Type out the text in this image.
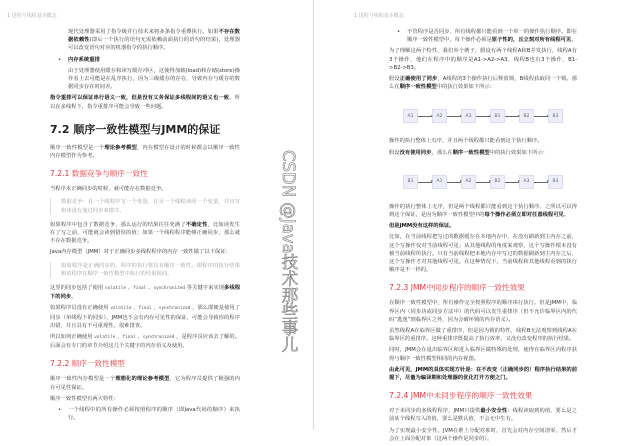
1 进程与线程基本概念
现代处理器采用了指令级并行技术来将多条指令重叠执行。如果不存在数据依赖性(即后一个执行的语句无需依赖前面执行的语句的结果)，处理器可以改变语句对应的机器指令的执行顺序。
• 内存系统重排
由于处理器使用缓存和读写缓存冲区，这使得加载(load)和存储(store)操作看上去可能是在乱序执行，因为三级缓存的存在，导致内存与缓存的数据同步存在时间差。
指令重排可以保证串行语义一致，但是没有义务保证多线程间的语义也一致。所以在多线程下，指令重排序可能会导致一些问题。
7.2 顺序一致性模型与JMM的保证
顺序一致性模型是一个理论参考模型，内存模型在设计的时候都会以顺序一致性内存模型作为参考。
7.2.1 数据竞争与顺序一致性
当程序未正确同步的时候，就可能存在数据竞争。
数据竞争：在一个线程中写一个变量，在另一个线程读同一个变量，并且写和读没有通过同步来排序。
如果程序中包含了数据竞争，那么运行的结果往往充满了不确定性，比如读发生在了写之前，可能就会读到错误的值；如果一个线程程序能够正确同步，那么就不存在数据竞争。
Java内存模型（JMM）对于正确同步多线程程序的内存一致性做了以下保证：
如果程序是正确同步的，程序的执行将具有顺序一致性。即程序的执行结果和该程序在顺序一致性模型中执行的结果相同。
这里的同步包括了使用 volatile 、final 、synchronized 等关键字来实现多线程下的同步。
如果程序员没有正确使用 volatile 、final 、synchronized ，那么即便是使用了同步（单线程下的同步），JMM也不会有内存可见性的保证，可能会导致你的程序出错，并且具有不可重现性，很难排查。
所以如何正确使用 volatile 、final 、synchronized ，是程序员应该去了解的。后面会有专门的章节介绍这几个关键字的内存语义及使用。
7.2.2 顺序一致性模型
顺序一致性内存模型是一个理想化的理论参考模型，它为程序员提供了极强的内存可见性保证。
顺序一致性模型有两大特性：
• 一个线程中的所有操作必须按照程序的顺序（即Java代码的顺序）来执行。
1 进程与线程基本概念
• 不管程序是否同步，所有线程都只能看到一个单一的操作执行顺序。即在顺序一致性模型中，每个操作必须是原子性的，且立刻对所有线程可见。
为了理解这两个特性，我们举个例子，假设有两个线程A和B并发执行，线程A有3个操作，他们在程序中的顺序是A1->A2->A3，线程B也有3个操作，B1->B2->B3。
假设正确使用了同步，A线程的3个操作执行后释放锁，B线程获取同一个锁。那么在顺序一致性模型中的执行效果如下所示：
A1	A2	A3	B1	B2	B3
操作的执行整体上有序，并且两个线程都只能看到这个执行顺序。
假设没有使用同步，那么在顺序一致性模型中的执行效果如下所示：
B1	A1	A2	B2	A3	B3
操作的执行整体上无序，但是两个线程都只能看到这个执行顺序。之所以可以得到这个保证，是因为顺序一致性模型中的每个操作必须立即对任意线程可见。
但是JMM没有这样的保证。
比如，在当前线程把写过的数据缓存在本地内存中，在没有刷新到主内存之前，这个写操作仅对当前线程可见；从其他线程的角度来观察，这个写操作根本没有被当前线程所执行。只有当前线程把本地内存中写过的数据刷新到主内存之后，这个写操作才对其他线程可见。在这种情况下，当前线程和其他线程看到的执行顺序是不一样的。
7.2.3 JMM中同步程序的顺序一致性效果
在顺序一致性模型中，所有操作完全按照程序的顺序串行执行。但是JMM中，临界区内（同步块或同步方法中）的代码可以发生重排序（但不允许临界区内的代码“逃逸”到临界区之外，因为会破坏锁的内存语义）。
虽然线程A在临界区做了重排序，但是因为锁的特性，线程B无法观察到线程A在临界区的重排序。这种重排序既提高了执行效率，又没有改变程序的执行结果。
同时，JMM会在退出临界区和进入临界区做特殊的处理，使得在临界区内程序获得与顺序一致性模型相同的内存视图。
由此可见，JMM的具体实现方针是：在不改变（正确同步的）程序执行结果的前提下，尽量为编译期和处理器的优化打开方便之门。
7.2.4 JMM中未同步程序的顺序一致性效果
对于未同步的多线程程序，JMM只提供最小安全性：线程读取到的值，要么是之前某个线程写入的值，要么是默认值，不会无中生有。
为了实现最小安全性，JVM在堆上分配对象时，首先会对内存空间清零，然后才会在上面分配对象（这两个操作是同步的）。
CSDN @Java技术那些事儿
